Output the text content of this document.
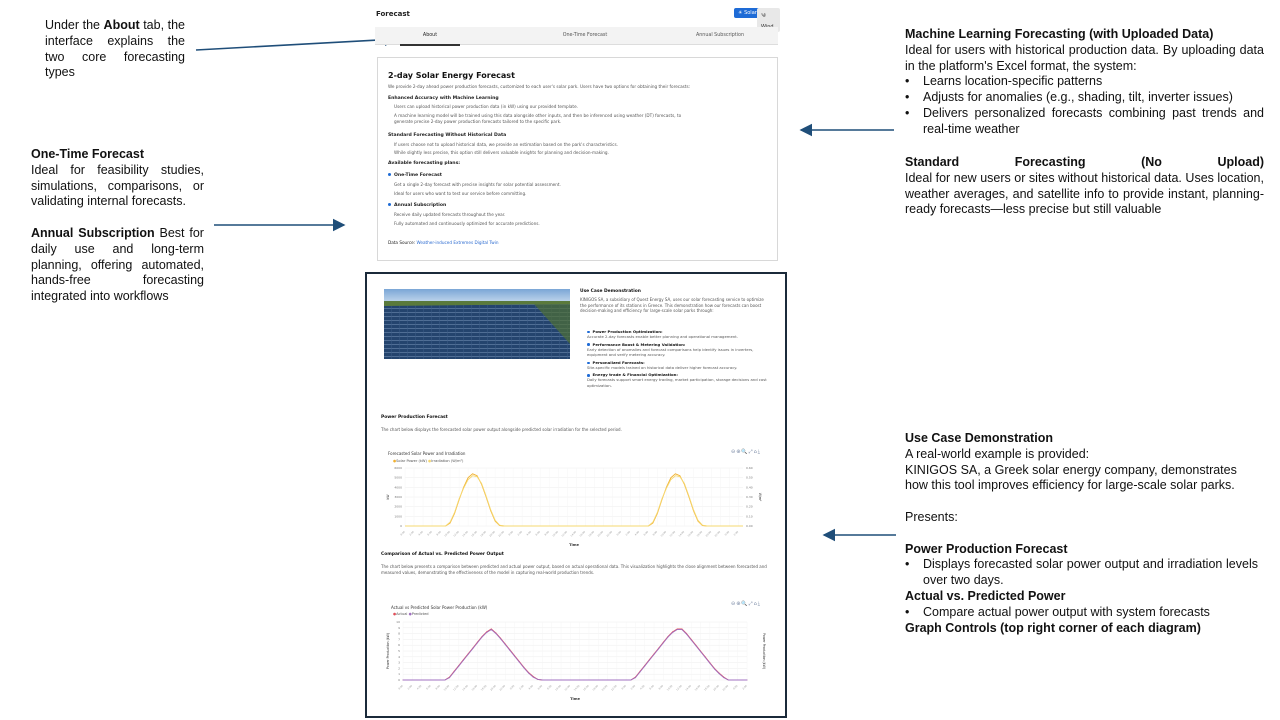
Under the About tab, the interface explains the two core forecasting types
One-Time Forecast
Ideal for feasibility studies, simulations, comparisons, or validating internal forecasts.
Annual Subscription Best for daily use and long-term planning, offering automated, hands-free forecasting integrated into workflows
Machine Learning Forecasting (with Uploaded Data)
Ideal for users with historical production data. By uploading data in the platform's Excel format, the system:
• Learns location-specific patterns
• Adjusts for anomalies (e.g., shading, tilt, inverter issues)
• Delivers personalized forecasts combining past trends and real-time weather
Standard Forecasting (No Upload)
Ideal for new users or sites without historical data. Uses location, weather averages, and satellite info to provide instant, planning-ready forecasts—less precise but still valuable
Use Case Demonstration
A real-world example is provided:
KINIGOS SA, a Greek solar energy company, demonstrates how this tool improves efficiency for large-scale solar parks.

Presents:

Power Production Forecast
• Displays forecasted solar power output and irradiation levels over two days.
Actual vs. Predicted Power
• Compare actual power output with system forecasts
Graph Controls (top right corner of each diagram)
Forecast	☀ Solar ༄
About	One-Time Forecast	Annual Subscription
2-day Solar Energy Forecast
We provide 2-day ahead power production forecasts, customized to each user's solar park. Users have two options for obtaining their forecasts:
Enhanced Accuracy with Machine Learning
Users can upload historical power production data (in kW) using our provided template.
A machine learning model will be trained using this data alongside other inputs, and then be inferenced using weather (DT) forecasts, to generate precise 2-day power production forecasts tailored to the specific park.
Standard Forecasting Without Historical Data
If users choose not to upload historical data, we provide an estimation based on the park's characteristics.
While slightly less precise, this option still delivers valuable insights for planning and decision-making.
Available forecasting plans:
One-Time Forecast
Get a single 2-day forecast with precise insights for solar potential assessment.
Ideal for users who want to test our service before committing.
Annual Subscription
Receive daily updated forecasts throughout the year.
Fully automated and continuously optimized for accurate predictions.
Data Source: Weather-induced Extremes Digital Twin
Use Case Demonstration
KINIGOS SA, a subsidiary of Quest Energy SA, uses our solar forecasting service to optimize the performance of its stations in Greece. This demonstration how our forecasts can boost decision-making and efficiency for large-scale solar parks through:
Power Production Optimization:
Accurate 2-day forecasts enable better planning and operational management.
Performance Boost & Metering Validation:
Early detection of anomalies and forecast comparisons help identify issues in inverters, equipment and verify metering accuracy.
Personalized Forecasts:
Site-specific models trained on historical data deliver higher forecast accuracy.
Energy trade & Financial Optimization:
Daily forecasts support smart energy trading, market participation, storage decisions and cost optimization.
Power Production Forecast
The chart below displays the forecasted solar power output alongside predicted solar irradiation for the selected period.
Forecasted Solar Power and Irradiation	⊖⊕🔍⤢⌂⤓
●Solar Power (kW) ●Irradiation (W/m²)
0	0.00
1000	0.10
2000	0.20
3000	0.30
4000	0.40
5000	0.50
6000	0.60
0:00 2:00 4:00 6:00 8:00 10:00 12:00 14:00 16:00 18:00 20:00 22:00 0:00 2:00 4:00 6:00 8:00 10:00 12:00 14:00 16:00 18:00 20:00 22:00 0:00 2:00 4:00 6:00 8:00 10:00 12:00 14:00 16:00 18:00 20:00 22:00 0:00 2:00
Time
kW	W/m²
Comparison of Actual vs. Predicted Power Output
The chart below presents a comparison between predicted and actual power output, based on actual operational data. This visualization highlights the close alignment between forecasted and measured values, demonstrating the effectiveness of the model in capturing real-world production trends.
Actual vs Predicted Solar Power Production (kW)
⊖⊕🔍⤢⌂⤓
●Actual ●Predicted
0
1
2
3
4
5
6
7
8
9
10
0:00 2:00 4:00 6:00 8:00 10:00 12:00 14:00 16:00 18:00 20:00 22:00 0:00 2:00 4:00 6:00 8:00 10:00 12:00 14:00 16:00 18:00 20:00 22:00 0:00 2:00 4:00 6:00 8:00 10:00 12:00 14:00 16:00 18:00 20:00 22:00 0:00 2:00
Time
Power Production (kW)	Power Production (kW)
